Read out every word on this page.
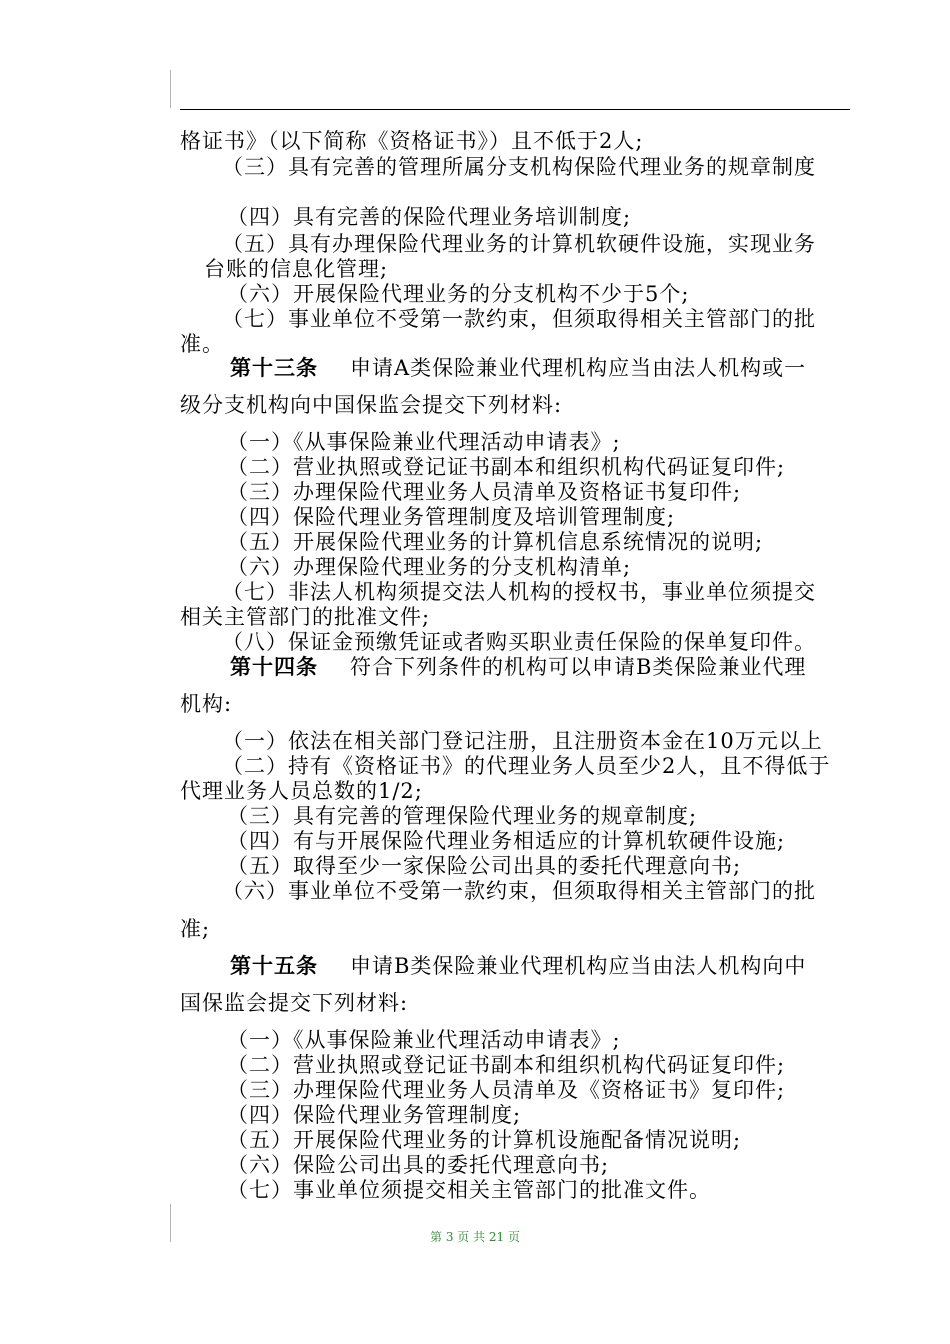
格证书》（以下简称《资格证书》）且不低于2人;
（三）具有完善的管理所属分支机构保险代理业务的规章制度
（四）具有完善的保险代理业务培训制度;
（五）具有办理保险代理业务的计算机软硬件设施，实现业务
台账的信息化管理;
（六）开展保险代理业务的分支机构不少于5个;
（七）事业单位不受第一款约束，但须取得相关主管部门的批
准。
第十三条 申请A类保险兼业代理机构应当由法人机构或一
级分支机构向中国保监会提交下列材料:
（一）《从事保险兼业代理活动申请表》;
（二）营业执照或登记证书副本和组织机构代码证复印件;
（三）办理保险代理业务人员清单及资格证书复印件;
（四）保险代理业务管理制度及培训管理制度;
（五）开展保险代理业务的计算机信息系统情况的说明;
（六）办理保险代理业务的分支机构清单;
（七）非法人机构须提交法人机构的授权书，事业单位须提交
相关主管部门的批准文件;
（八）保证金预缴凭证或者购买职业责任保险的保单复印件。
第十四条 符合下列条件的机构可以申请B类保险兼业代理
机构:
（一）依法在相关部门登记注册，且注册资本金在10万元以上
（二）持有《资格证书》的代理业务人员至少2人，且不得低于
代理业务人员总数的1/2;
（三）具有完善的管理保险代理业务的规章制度;
（四）有与开展保险代理业务相适应的计算机软硬件设施;
（五）取得至少一家保险公司出具的委托代理意向书;
（六）事业单位不受第一款约束，但须取得相关主管部门的批
准;
第十五条 申请B类保险兼业代理机构应当由法人机构向中
国保监会提交下列材料:
（一）《从事保险兼业代理活动申请表》;
（二）营业执照或登记证书副本和组织机构代码证复印件;
（三）办理保险代理业务人员清单及《资格证书》复印件;
（四）保险代理业务管理制度;
（五）开展保险代理业务的计算机设施配备情况说明;
（六）保险公司出具的委托代理意向书;
（七）事业单位须提交相关主管部门的批准文件。
第 3 页 共 21 页
